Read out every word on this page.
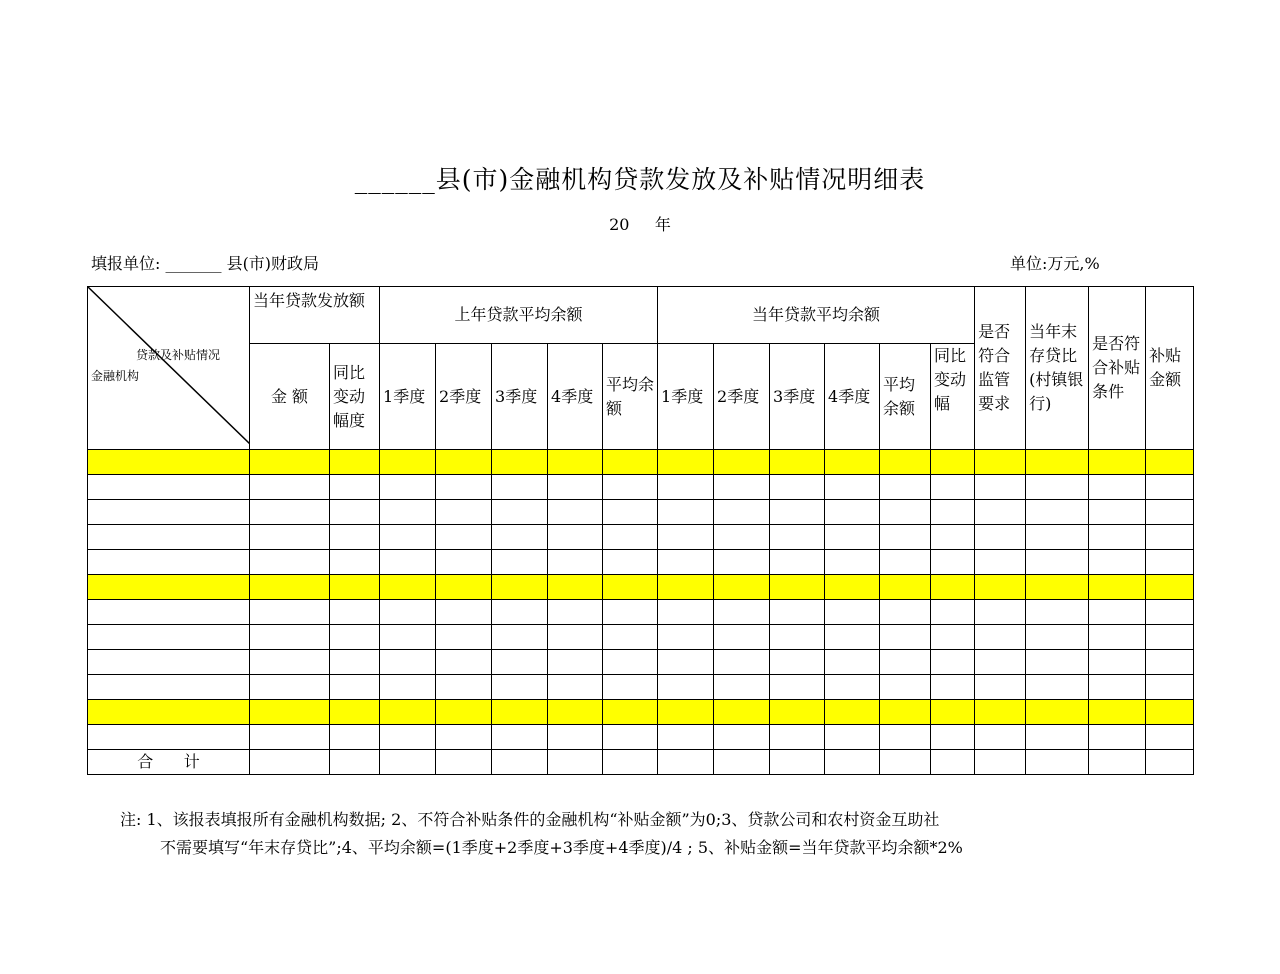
______县(市)金融机构贷款发放及补贴情况明细表
20     年
填报单位: _______ 县(市)财政局	单位:万元,%
贷款及补贴情况
金融机构	当年贷款发放额		上年贷款平均余额					当年贷款平均余额						是否符合监管要求	当年末存贷比(村镇银行)	是否符合补贴条件	补贴金额
	金 额	同比变动幅度	1季度	2季度	3季度	4季度	平均余额	1季度	2季度	3季度	4季度	平均余额	同比变动幅				

合      计																	
注: 1、该报表填报所有金融机构数据; 2、不符合补贴条件的金融机构“补贴金额”为0;3、贷款公司和农村资金互助社
不需要填写“年末存贷比”;4、平均余额=(1季度+2季度+3季度+4季度)/4 ; 5、补贴金额=当年贷款平均余额*2%
